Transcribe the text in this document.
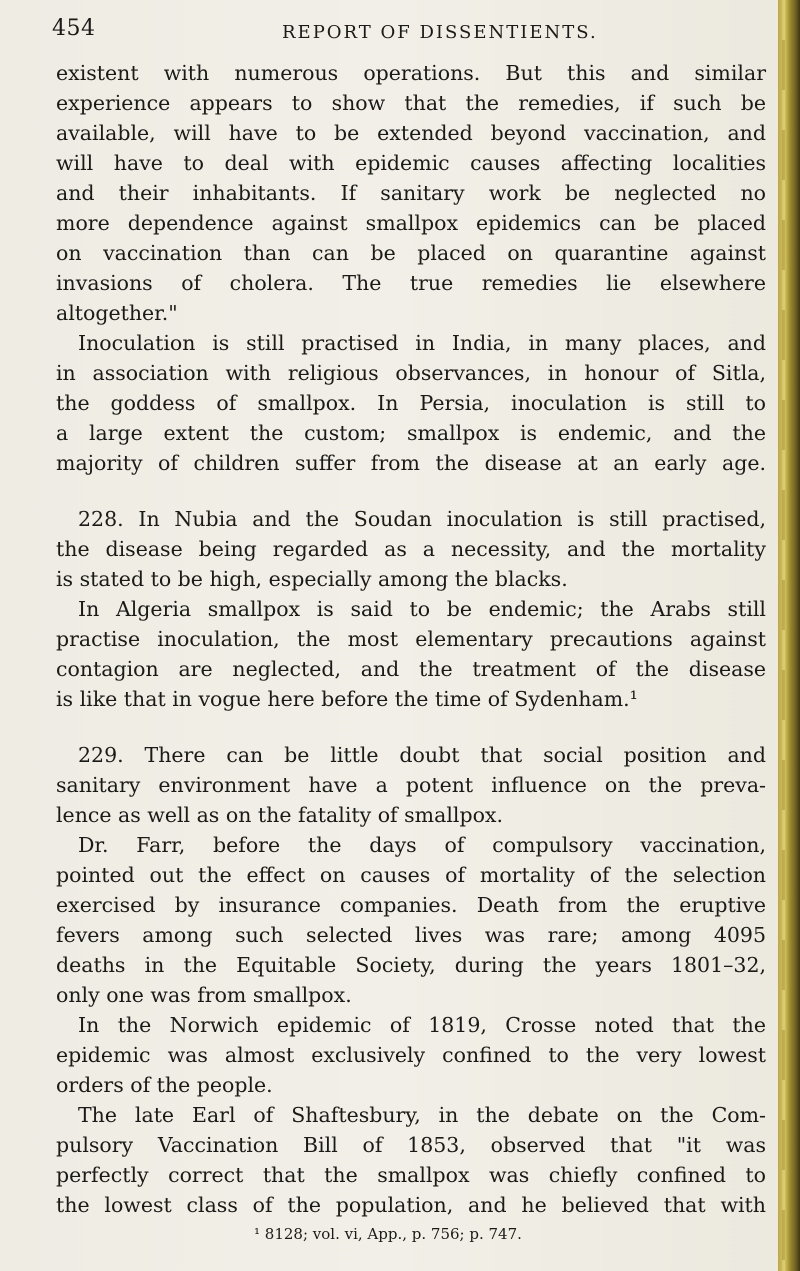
454	REPORT OF DISSENTIENTS.
existent with numerous operations. But this and similar
experience appears to show that the remedies, if such be
available, will have to be extended beyond vaccination, and
will have to deal with epidemic causes affecting localities
and their inhabitants. If sanitary work be neglected no
more dependence against smallpox epidemics can be placed
on vaccination than can be placed on quarantine against
invasions of cholera. The true remedies lie elsewhere
altogether."
Inoculation is still practised in India, in many places, and
in association with religious observances, in honour of Sitla,
the goddess of smallpox. In Persia, inoculation is still to
a large extent the custom; smallpox is endemic, and the
majority of children suffer from the disease at an early age.
228. In Nubia and the Soudan inoculation is still practised,
the disease being regarded as a necessity, and the mortality
is stated to be high, especially among the blacks.
In Algeria smallpox is said to be endemic; the Arabs still
practise inoculation, the most elementary precautions against
contagion are neglected, and the treatment of the disease
is like that in vogue here before the time of Sydenham.¹
229. There can be little doubt that social position and
sanitary environment have a potent influence on the preva-
lence as well as on the fatality of smallpox.
Dr. Farr, before the days of compulsory vaccination,
pointed out the effect on causes of mortality of the selection
exercised by insurance companies. Death from the eruptive
fevers among such selected lives was rare; among 4095
deaths in the Equitable Society, during the years 1801–32,
only one was from smallpox.
In the Norwich epidemic of 1819, Crosse noted that the
epidemic was almost exclusively confined to the very lowest
orders of the people.
The late Earl of Shaftesbury, in the debate on the Com-
pulsory Vaccination Bill of 1853, observed that "it was
perfectly correct that the smallpox was chiefly confined to
the lowest class of the population, and he believed that with
¹ 8128; vol. vi, App., p. 756; p. 747.
